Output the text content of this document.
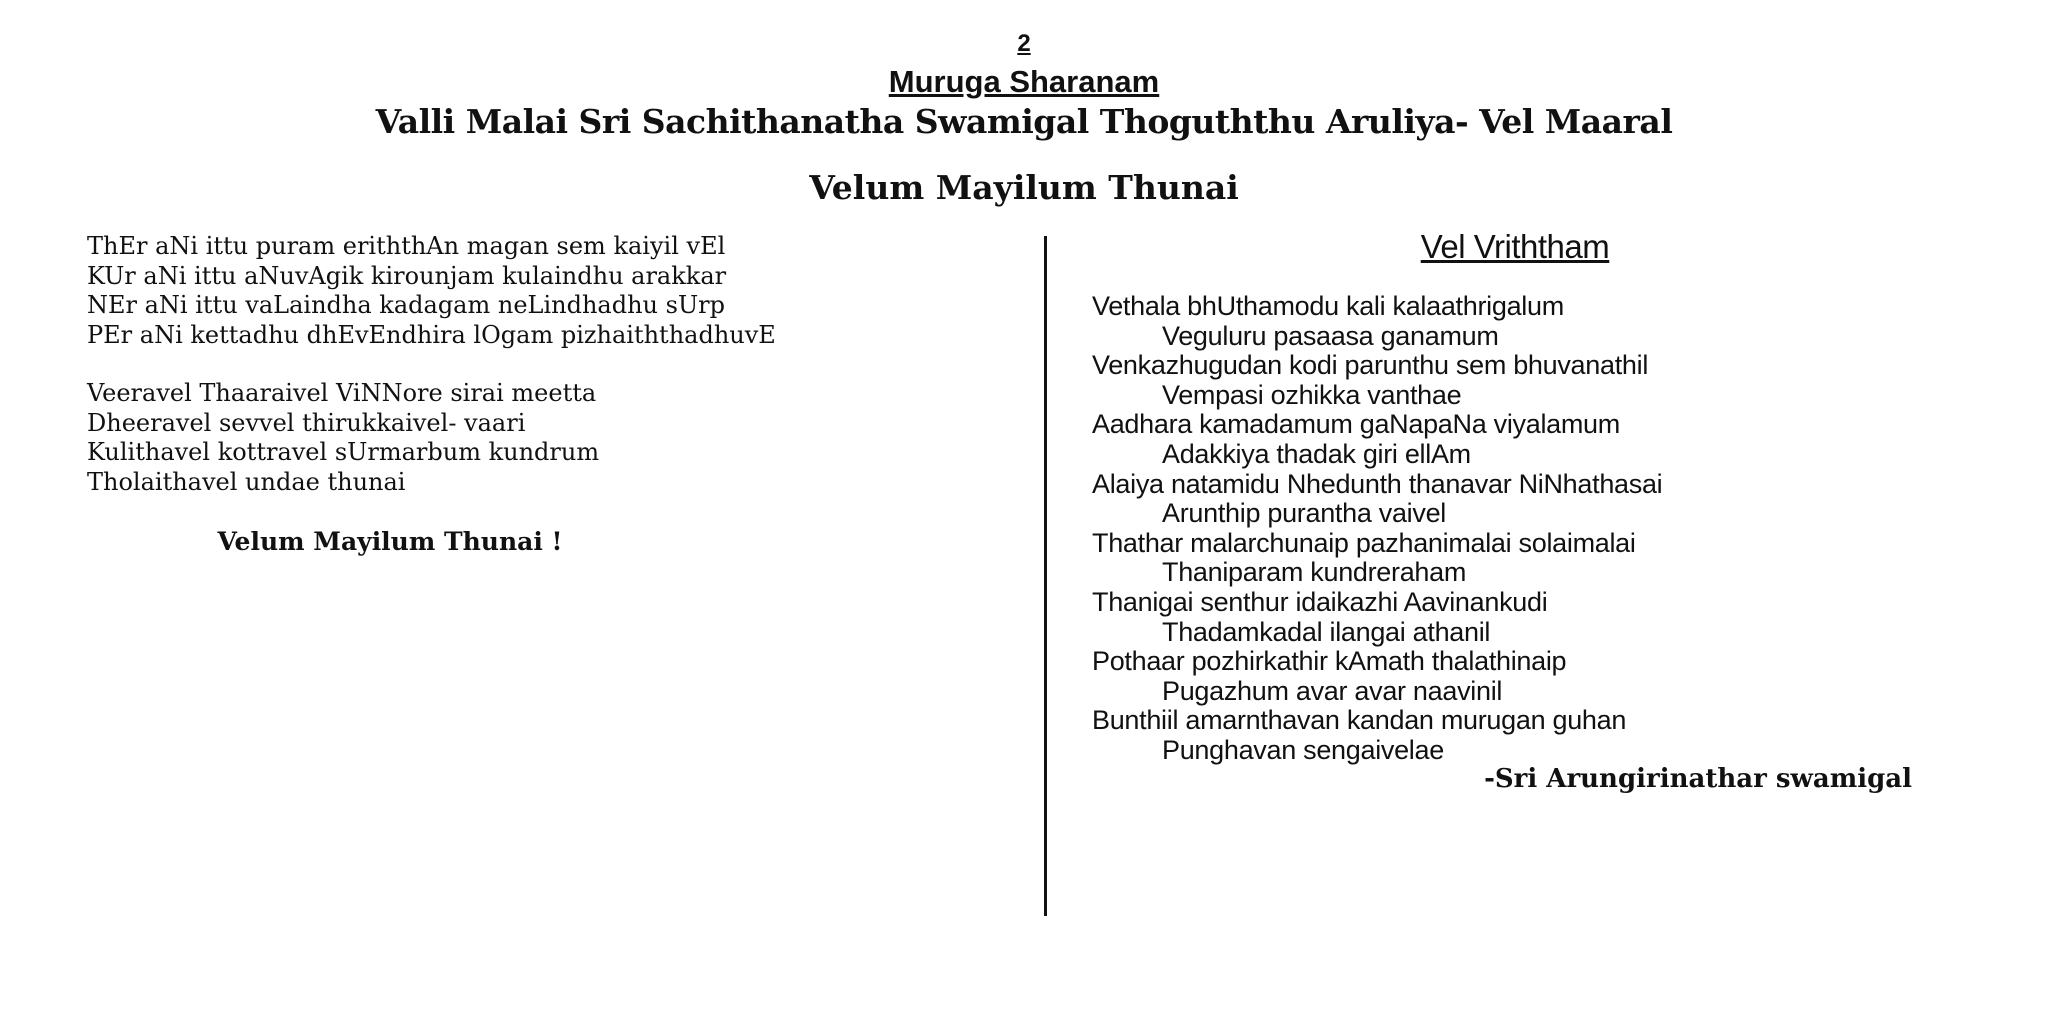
2
Muruga Sharanam
Valli Malai Sri Sachithanatha Swamigal Thoguththu Aruliya- Vel Maaral
Velum Mayilum Thunai
ThEr aNi ittu puram eriththAn magan sem kaiyil vEl
KUr aNi ittu aNuvAgik kirounjam kulaindhu arakkar
NEr aNi ittu vaLaindha kadagam neLindhadhu sUrp
PEr aNi kettadhu dhEvEndhira lOgam pizhaiththadhuvE
Veeravel Thaaraivel ViNNore sirai meetta
Dheeravel sevvel thirukkaivel- vaari
Kulithavel kottravel sUrmarbum kundrum
Tholaithavel undae thunai
Velum Mayilum Thunai !
Vel Vriththam
Vethala bhUthamodu kali kalaathrigalum
Veguluru pasaasa ganamum
Venkazhugudan kodi parunthu sem bhuvanathil
Vempasi ozhikka vanthae
Aadhara kamadamum gaNapaNa viyalamum
Adakkiya thadak giri ellAm
Alaiya natamidu Nhedunth thanavar NiNhathasai
Arunthip purantha vaivel
Thathar malarchunaip pazhanimalai solaimalai
Thaniparam kundreraham
Thanigai senthur idaikazhi Aavinankudi
Thadamkadal ilangai athanil
Pothaar pozhirkathir kAmath thalathinaip
Pugazhum avar avar naavinil
Bunthiil amarnthavan kandan murugan guhan
Punghavan sengaivelae
-Sri Arungirinathar swamigal
